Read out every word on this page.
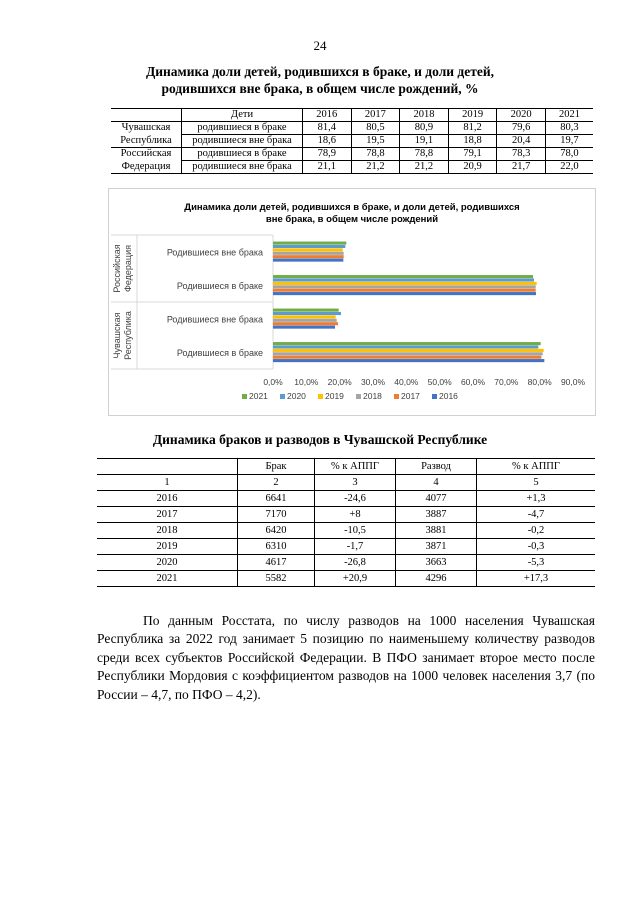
24
Динамика доли детей, родившихся в браке, и доли детей,
родившихся вне брака, в общем числе рождений, %
	Дети	2016	2017	2018	2019	2020	2021
Чувашская	родившиеся в браке	81,4	80,5	80,9	81,2	79,6	80,3
Республика	родившиеся вне брака	18,6	19,5	19,1	18,8	20,4	19,7
Российская	родившиеся в браке	78,9	78,8	78,8	79,1	78,3	78,0
Федерация	родившиеся вне брака	21,1	21,2	21,2	20,9	21,7	22,0
Динамика доли детей, родившихся в браке, и доли детей, родившихся
вне брака, в общем числе рождений
Родившиеся вне брака
Родившиеся в браке
Родившиеся вне брака
Родившиеся в браке
Российская Федерация
Чувашская Республика
0,0% 10,0% 20,0% 30,0% 40,0% 50,0% 60,0% 70,0% 80,0% 90,0%
2021 2020 2019 2018 2017 2016
Динамика браков и разводов в Чувашской Республике
	Брак	% к АППГ	Развод	% к АППГ
1	2	3	4	5
2016	6641	-24,6	4077	+1,3
2017	7170	+8	3887	-4,7
2018	6420	-10,5	3881	-0,2
2019	6310	-1,7	3871	-0,3
2020	4617	-26,8	3663	-5,3
2021	5582	+20,9	4296	+17,3

По данным Росстата, по числу разводов на 1000 населения Чувашская Республика за 2022 год занимает 5 позицию по наименьшему количеству разводов среди всех субъектов Российской Федерации. В ПФО занимает второе место после Республики Мордовия с коэффициентом разводов на 1000 человек населения 3,7 (по России – 4,7, по ПФО – 4,2).
